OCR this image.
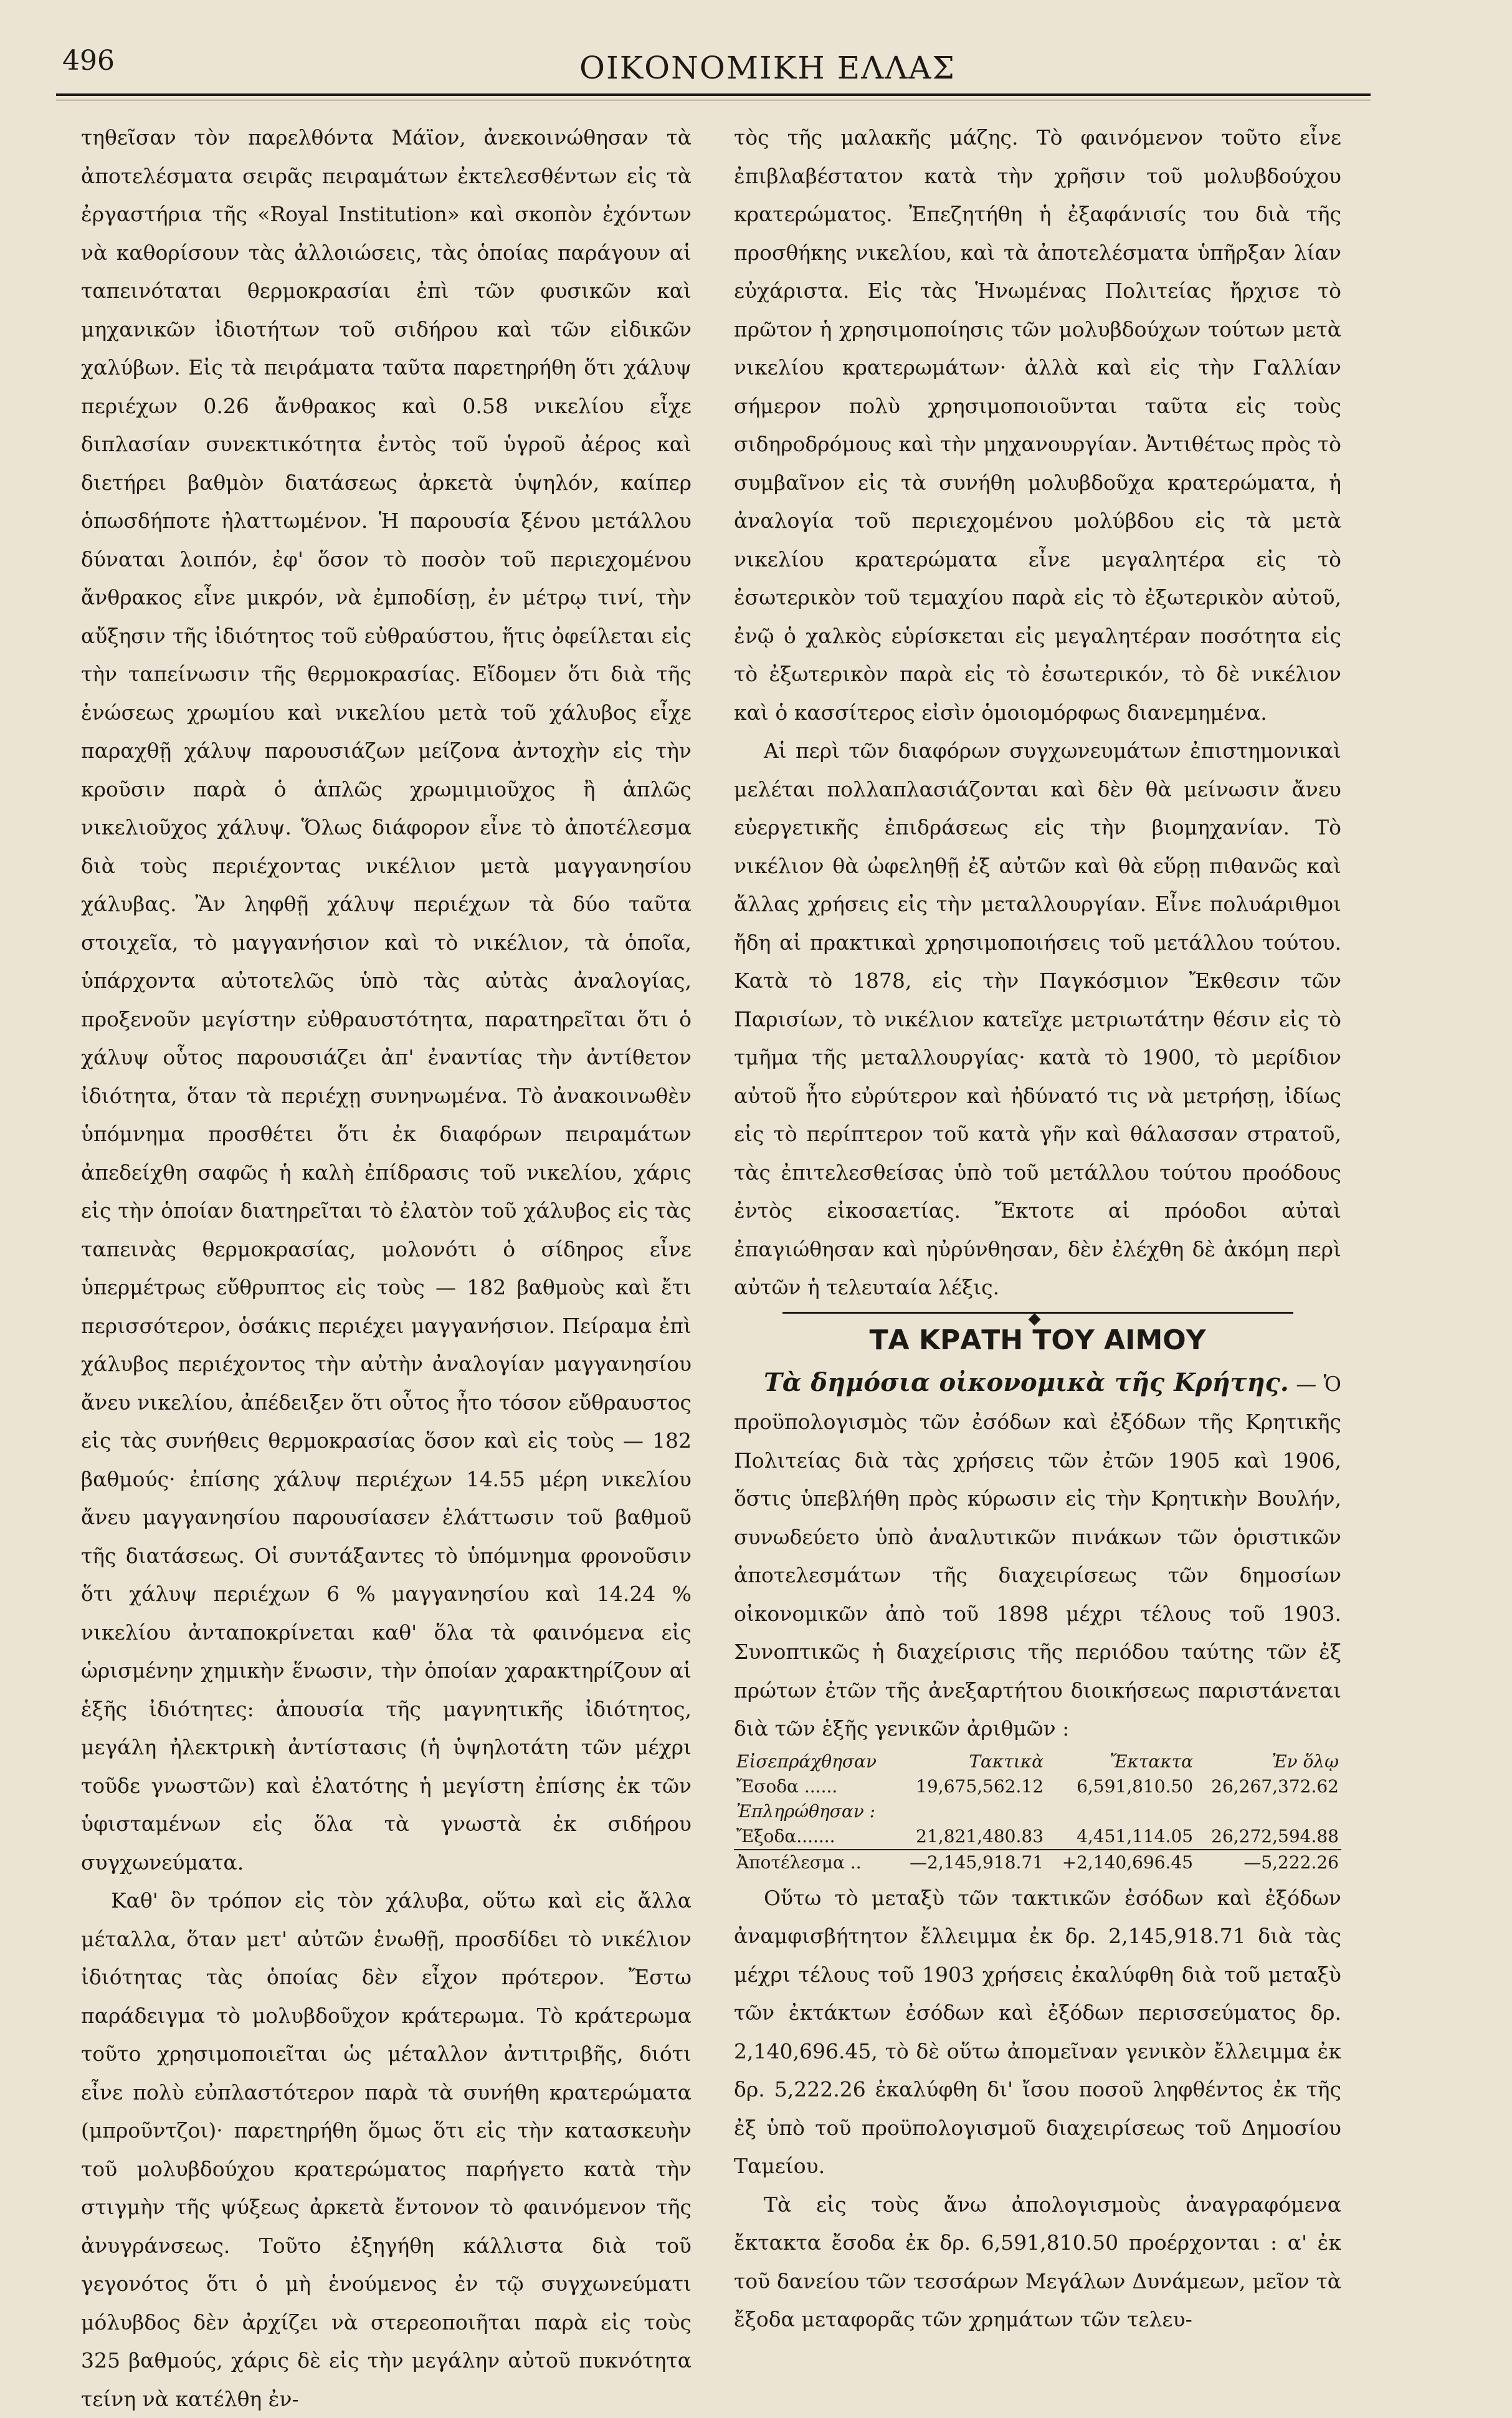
496	ΟΙΚΟΝΟΜΙΚΗ ΕΛΛΑΣ

τηθεῖσαν τὸν παρελθόντα Μάϊον, ἀνεκοινώθησαν τὰ ἀποτελέσματα σειρᾶς πειραμάτων ἐκτελεσθέντων εἰς τὰ ἐργαστήρια τῆς «Royal Institution» καὶ σκοπὸν ἐχόντων νὰ καθορίσουν τὰς ἀλλοιώσεις, τὰς ὁποίας παράγουν αἱ ταπεινόταται θερμοκρασίαι ἐπὶ τῶν φυσικῶν καὶ μηχανικῶν ἰδιοτήτων τοῦ σιδήρου καὶ τῶν εἰδικῶν χαλύβων. Εἰς τὰ πειράματα ταῦτα παρετηρήθη ὅτι χάλυψ περιέχων 0.26 ἄνθρακος καὶ 0.58 νικελίου εἶχε διπλασίαν συνεκτικότητα ἐντὸς τοῦ ὑγροῦ ἀέρος καὶ διετήρει βαθμὸν διατάσεως ἀρκετὰ ὑψηλόν, καίπερ ὁπωσδήποτε ἠλαττωμένον. Ἡ παρουσία ξένου μετάλλου δύναται λοιπόν, ἐφ' ὅσον τὸ ποσὸν τοῦ περιεχομένου ἄνθρακος εἶνε μικρόν, νὰ ἐμποδίσῃ, ἐν μέτρῳ τινί, τὴν αὔξησιν τῆς ἰδιότητος τοῦ εὐθραύστου, ἥτις ὀφείλεται εἰς τὴν ταπείνωσιν τῆς θερμοκρασίας. Εἴδομεν ὅτι διὰ τῆς ἑνώσεως χρωμίου καὶ νικελίου μετὰ τοῦ χάλυβος εἶχε παραχθῇ χάλυψ παρουσιάζων μείζονα ἀντοχὴν εἰς τὴν κροῦσιν παρὰ ὁ ἁπλῶς χρωμιμιοῦχος ἢ ἁπλῶς νικελιοῦχος χάλυψ. Ὅλως διάφορον εἶνε τὸ ἀποτέλεσμα διὰ τοὺς περιέχοντας νικέλιον μετὰ μαγγανησίου χάλυβας. Ἂν ληφθῇ χάλυψ περιέχων τὰ δύο ταῦτα στοιχεῖα, τὸ μαγγανήσιον καὶ τὸ νικέλιον, τὰ ὁποῖα, ὑπάρχοντα αὐτοτελῶς ὑπὸ τὰς αὐτὰς ἀναλογίας, προξενοῦν μεγίστην εὐθραυστότητα, παρατηρεῖται ὅτι ὁ χάλυψ οὗτος παρουσιάζει ἀπ' ἐναντίας τὴν ἀντίθετον ἰδιότητα, ὅταν τὰ περιέχῃ συνηνωμένα. Τὸ ἀνακοινωθὲν ὑπόμνημα προσθέτει ὅτι ἐκ διαφόρων πειραμάτων ἀπεδείχθη σαφῶς ἡ καλὴ ἐπίδρασις τοῦ νικελίου, χάρις εἰς τὴν ὁποίαν διατηρεῖται τὸ ἐλατὸν τοῦ χάλυβος εἰς τὰς ταπεινὰς θερμοκρασίας, μολονότι ὁ σίδηρος εἶνε ὑπερμέτρως εὔθρυπτος εἰς τοὺς — 182 βαθμοὺς καὶ ἔτι περισσότερον, ὁσάκις περιέχει μαγγανήσιον. Πείραμα ἐπὶ χάλυβος περιέχοντος τὴν αὐτὴν ἀναλογίαν μαγγανησίου ἄνευ νικελίου, ἀπέδειξεν ὅτι οὗτος ἦτο τόσον εὔθραυστος εἰς τὰς συνήθεις θερμοκρασίας ὅσον καὶ εἰς τοὺς — 182 βαθμούς· ἐπίσης χάλυψ περιέχων 14.55 μέρη νικελίου ἄνευ μαγγανησίου παρουσίασεν ἐλάττωσιν τοῦ βαθμοῦ τῆς διατάσεως. Οἱ συντάξαντες τὸ ὑπόμνημα φρονοῦσιν ὅτι χάλυψ περιέχων 6 % μαγγανησίου καὶ 14.24 % νικελίου ἀνταποκρίνεται καθ' ὅλα τὰ φαινόμενα εἰς ὡρισμένην χημικὴν ἕνωσιν, τὴν ὁποίαν χαρακτηρίζουν αἱ ἑξῆς ἰδιότητες: ἀπουσία τῆς μαγνητικῆς ἰδιότητος, μεγάλη ἠλεκτρικὴ ἀντίστασις (ἡ ὑψηλοτάτη τῶν μέχρι τοῦδε γνωστῶν) καὶ ἐλατότης ἡ μεγίστη ἐπίσης ἐκ τῶν ὑφισταμένων εἰς ὅλα τὰ γνωστὰ ἐκ σιδήρου συγχωνεύματα.

Καθ' ὃν τρόπον εἰς τὸν χάλυβα, οὕτω καὶ εἰς ἄλλα μέταλλα, ὅταν μετ' αὐτῶν ἑνωθῇ, προσδίδει τὸ νικέλιον ἰδιότητας τὰς ὁποίας δὲν εἶχον πρότερον. Ἔστω παράδειγμα τὸ μολυβδοῦχον κράτερωμα. Τὸ κράτερωμα τοῦτο χρησιμοποιεῖται ὡς μέταλλον ἀντιτριβῆς, διότι εἶνε πολὺ εὐπλαστότερον παρὰ τὰ συνήθη κρατερώματα (μπροῦντζοι)· παρετηρήθη ὅμως ὅτι εἰς τὴν κατασκευὴν τοῦ μολυβδούχου κρατερώματος παρήγετο κατὰ τὴν στιγμὴν τῆς ψύξεως ἀρκετὰ ἔντονον τὸ φαινόμενον τῆς ἀνυγράνσεως. Τοῦτο ἐξηγήθη κάλλιστα διὰ τοῦ γεγονότος ὅτι ὁ μὴ ἑνούμενος ἐν τῷ συγχωνεύματι μόλυβδος δὲν ἀρχίζει νὰ στερεοποιῆται παρὰ εἰς τοὺς 325 βαθμούς, χάρις δὲ εἰς τὴν μεγάλην αὐτοῦ πυκνότητα τείνη νὰ κατέλθη ἐν-

τὸς τῆς μαλακῆς μάζης. Τὸ φαινόμενον τοῦτο εἶνε ἐπιβλαβέστατον κατὰ τὴν χρῆσιν τοῦ μολυβδούχου κρατερώματος. Ἐπεζητήθη ἡ ἐξαφάνισίς του διὰ τῆς προσθήκης νικελίου, καὶ τὰ ἀποτελέσματα ὑπῆρξαν λίαν εὐχάριστα. Εἰς τὰς Ἡνωμένας Πολιτείας ἤρχισε τὸ πρῶτον ἡ χρησιμοποίησις τῶν μολυβδούχων τούτων μετὰ νικελίου κρατερωμάτων· ἀλλὰ καὶ εἰς τὴν Γαλλίαν σήμερον πολὺ χρησιμοποιοῦνται ταῦτα εἰς τοὺς σιδηροδρόμους καὶ τὴν μηχανουργίαν. Ἀντιθέτως πρὸς τὸ συμβαῖνον εἰς τὰ συνήθη μολυβδοῦχα κρατερώματα, ἡ ἀναλογία τοῦ περιεχομένου μολύβδου εἰς τὰ μετὰ νικελίου κρατερώματα εἶνε μεγαλητέρα εἰς τὸ ἐσωτερικὸν τοῦ τεμαχίου παρὰ εἰς τὸ ἐξωτερικὸν αὐτοῦ, ἐνῷ ὁ χαλκὸς εὑρίσκεται εἰς μεγαλητέραν ποσότητα εἰς τὸ ἐξωτερικὸν παρὰ εἰς τὸ ἐσωτερικόν, τὸ δὲ νικέλιον καὶ ὁ κασσίτερος εἰσὶν ὁμοιομόρφως διανεμημένα.

Αἱ περὶ τῶν διαφόρων συγχωνευμάτων ἐπιστημονικαὶ μελέται πολλαπλασιάζονται καὶ δὲν θὰ μείνωσιν ἄνευ εὐεργετικῆς ἐπιδράσεως εἰς τὴν βιομηχανίαν. Τὸ νικέλιον θὰ ὠφεληθῇ ἐξ αὐτῶν καὶ θὰ εὕρῃ πιθανῶς καὶ ἄλλας χρήσεις εἰς τὴν μεταλλουργίαν. Εἶνε πολυάριθμοι ἤδη αἱ πρακτικαὶ χρησιμοποιήσεις τοῦ μετάλλου τούτου. Κατὰ τὸ 1878, εἰς τὴν Παγκόσμιον Ἔκθεσιν τῶν Παρισίων, τὸ νικέλιον κατεῖχε μετριωτάτην θέσιν εἰς τὸ τμῆμα τῆς μεταλλουργίας· κατὰ τὸ 1900, τὸ μερίδιον αὐτοῦ ἦτο εὐρύτερον καὶ ἠδύνατό τις νὰ μετρήσῃ, ἰδίως εἰς τὸ περίπτερον τοῦ κατὰ γῆν καὶ θάλασσαν στρατοῦ, τὰς ἐπιτελεσθείσας ὑπὸ τοῦ μετάλλου τούτου προόδους ἐντὸς εἰκοσαετίας. Ἔκτοτε αἱ πρόοδοι αὐταὶ ἐπαγιώθησαν καὶ ηὐρύνθησαν, δὲν ἐλέχθη δὲ ἀκόμη περὶ αὐτῶν ἡ τελευταία λέξις.

◆

ΤΑ ΚΡΑΤΗ ΤΟΥ ΑΙΜΟΥ

Τὰ δημόσια οἰκονομικὰ τῆς Κρήτης. — Ὁ προϋπολογισμὸς τῶν ἐσόδων καὶ ἐξόδων τῆς Κρητικῆς Πολιτείας διὰ τὰς χρήσεις τῶν ἐτῶν 1905 καὶ 1906, ὅστις ὑπεβλήθη πρὸς κύρωσιν εἰς τὴν Κρητικὴν Βουλήν, συνωδεύετο ὑπὸ ἀναλυτικῶν πινάκων τῶν ὁριστικῶν ἀποτελεσμάτων τῆς διαχειρίσεως τῶν δημοσίων οἰκονομικῶν ἀπὸ τοῦ 1898 μέχρι τέλους τοῦ 1903. Συνοπτικῶς ἡ διαχείρισις τῆς περιόδου ταύτης τῶν ἐξ πρώτων ἐτῶν τῆς ἀνεξαρτήτου διοικήσεως παριστάνεται διὰ τῶν ἑξῆς γενικῶν ἀριθμῶν :

Εἰσεπράχθησαν	Τακτικὰ	Ἔκτακτα	Ἐν ὅλῳ
Ἔσοδα ......	19,675,562.12	6,591,810.50	26,267,372.62
Ἐπληρώθησαν :			
Ἔξοδα.......	21,821,480.83	4,451,114.05	26,272,594.88
Ἀποτέλεσμα ..	—2,145,918.71	+2,140,696.45	—5,222.26

Οὕτω τὸ μεταξὺ τῶν τακτικῶν ἐσόδων καὶ ἐξόδων ἀναμφισβήτητον ἔλλειμμα ἐκ δρ. 2,145,918.71 διὰ τὰς μέχρι τέλους τοῦ 1903 χρήσεις ἐκαλύφθη διὰ τοῦ μεταξὺ τῶν ἐκτάκτων ἐσόδων καὶ ἐξόδων περισσεύματος δρ. 2,140,696.45, τὸ δὲ οὕτω ἀπομεῖναν γενικὸν ἔλλειμμα ἐκ δρ. 5,222.26 ἐκαλύφθη δι' ἴσου ποσοῦ ληφθέντος ἐκ τῆς ἐξ ὑπὸ τοῦ προϋπολογισμοῦ διαχειρίσεως τοῦ Δημοσίου Ταμείου.

Τὰ εἰς τοὺς ἄνω ἀπολογισμοὺς ἀναγραφόμενα ἔκτακτα ἔσοδα ἐκ δρ. 6,591,810.50 προέρχονται : α' ἐκ τοῦ δανείου τῶν τεσσάρων Μεγάλων Δυνάμεων, μεῖον τὰ ἔξοδα μεταφορᾶς τῶν χρημάτων τῶν τελευ-
